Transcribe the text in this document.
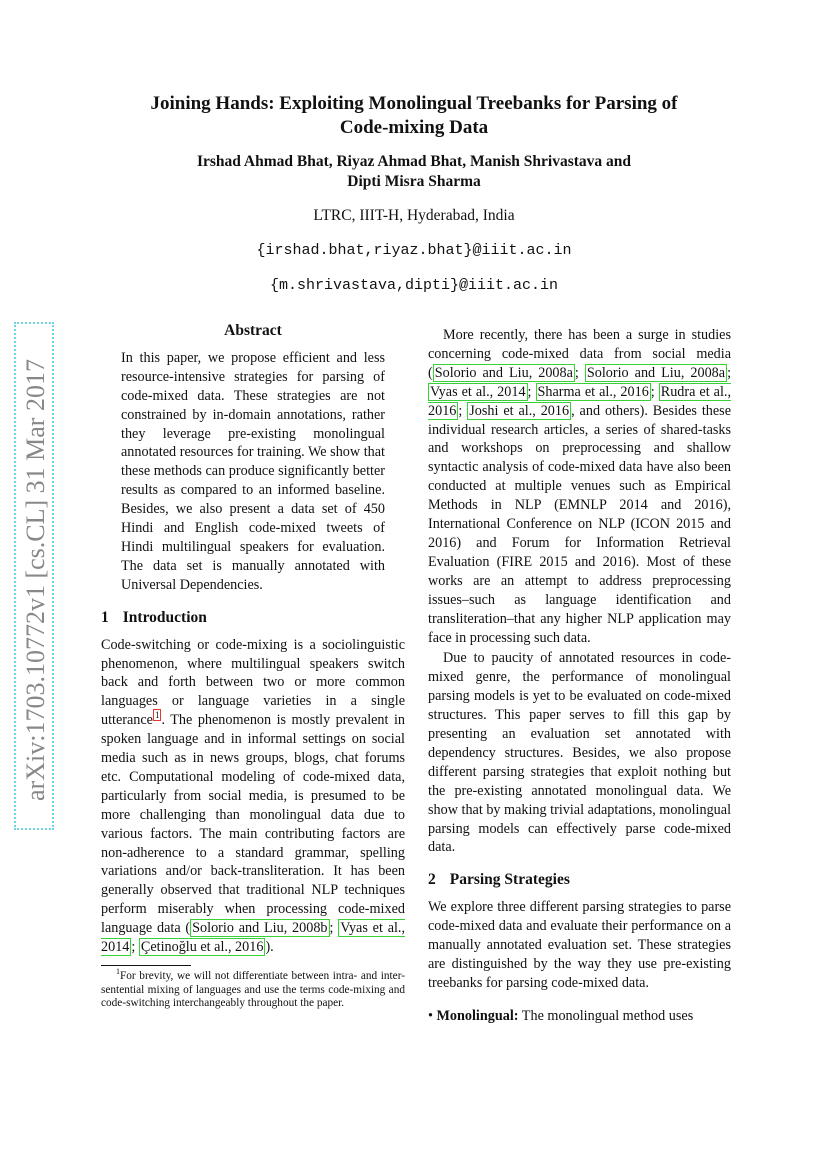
arXiv:1703.10772v1 [cs.CL] 31 Mar 2017
Joining Hands: Exploiting Monolingual Treebanks for Parsing of
Code-mixing Data
Irshad Ahmad Bhat, Riyaz Ahmad Bhat, Manish Shrivastava and
Dipti Misra Sharma
LTRC, IIIT-H, Hyderabad, India
{irshad.bhat,riyaz.bhat}@iiit.ac.in
{m.shrivastava,dipti}@iiit.ac.in
Abstract

In this paper, we propose efficient and less resource-intensive strategies for parsing of code-mixed data. These strategies are not constrained by in-domain annotations, rather they leverage pre-existing monolingual annotated resources for training. We show that these methods can produce significantly better results as compared to an informed baseline. Besides, we also present a data set of 450 Hindi and English code-mixed tweets of Hindi multilingual speakers for evaluation. The data set is manually annotated with Universal Dependencies.

1 Introduction

Code-switching or code-mixing is a sociolinguistic phenomenon, where multilingual speakers switch back and forth between two or more common languages or language varieties in a single utterance $^1$ . The phenomenon is mostly prevalent in spoken language and in informal settings on social media such as in news groups, blogs, chat forums etc. Computational modeling of code-mixed data, particularly from social media, is presumed to be more challenging than monolingual data due to various factors. The main contributing factors are non-adherence to a standard grammar, spelling variations and/or back-transliteration. It has been generally observed that traditional NLP techniques perform miserably when processing code-mixed language data ( Solorio and Liu, 2008b ; Vyas et al., 2014 ; Çetinoğlu et al., 2016 ).

$^1$For brevity, we will not differentiate between intra- and inter-sentential mixing of languages and use the terms code-mixing and code-switching interchangeably throughout the paper.

More recently, there has been a surge in studies concerning code-mixed data from social media ( Solorio and Liu, 2008a ; Solorio and Liu, 2008a ; Vyas et al., 2014 ; Sharma et al., 2016 ; Rudra et al., 2016 ; Joshi et al., 2016 , and others). Besides these individual research articles, a series of shared-tasks and workshops on preprocessing and shallow syntactic analysis of code-mixed data have also been conducted at multiple venues such as Empirical Methods in NLP (EMNLP 2014 and 2016), International Conference on NLP (ICON 2015 and 2016) and Forum for Information Retrieval Evaluation (FIRE 2015 and 2016). Most of these works are an attempt to address preprocessing issues–such as language identification and transliteration–that any higher NLP application may face in processing such data.

Due to paucity of annotated resources in code-mixed genre, the performance of monolingual parsing models is yet to be evaluated on code-mixed structures. This paper serves to fill this gap by presenting an evaluation set annotated with dependency structures. Besides, we also propose different parsing strategies that exploit nothing but the pre-existing annotated monolingual data. We show that by making trivial adaptations, monolingual parsing models can effectively parse code-mixed data.

2 Parsing Strategies

We explore three different parsing strategies to parse code-mixed data and evaluate their performance on a manually annotated evaluation set. These strategies are distinguished by the way they use pre-existing treebanks for parsing code-mixed data.

• Monolingual: The monolingual method uses
